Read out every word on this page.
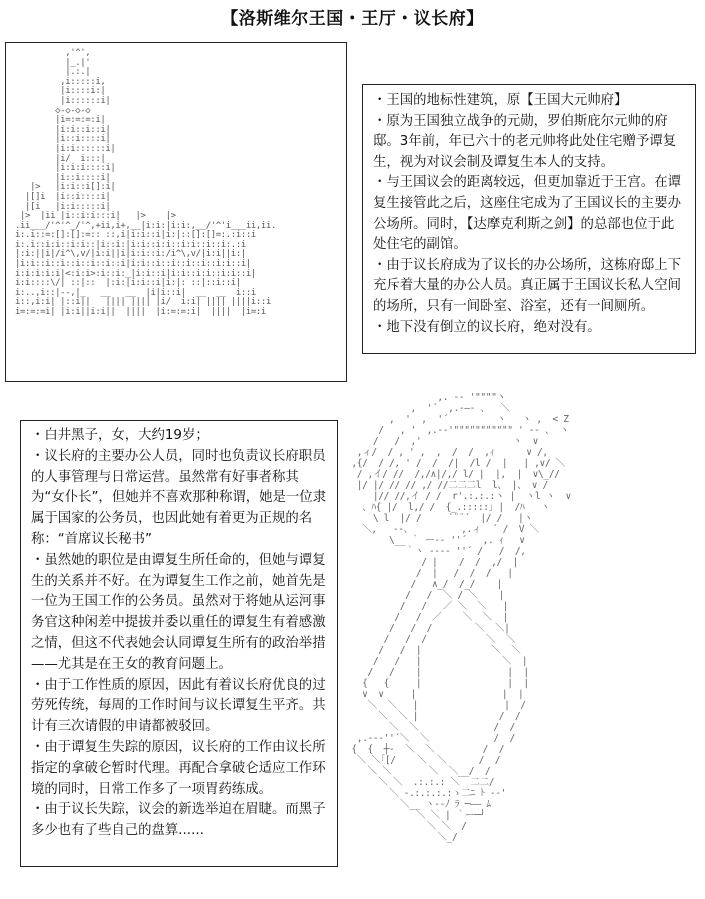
【洛斯维尔王国・王厅・议长府】
,'^',
|_.|'
|.:.|
,i:::::i,
|i::::i:|
|i::::::i|
◇-◇-◇-◇
|i=:=:=:i|
|i:i::i::i|
|i::i::::i|
|i:i::::::i|
|i/  i:::|
|i:i:i::::i|
|i::i::::i|
|>   |i:i::i[]:i|
|[]i  |i::i::::i|
|[i   |i:i:::::i|
|>  |ii |i::i:i:::i|   |>    |>
.ii___/'^'^_/'^,+ii,i+,__|i:i:|i:i:,__/'^'i___ii,ii.
i:.i::=:[]:[]:=:: ::,i|i:i::i|i:|::[]:[]=:.:i::i
i:.i::i:i::i:i::|i::i:|i:i::i:i::i:i::i::i:.:i
|:i:||i|/i^\,v/|i:i||i|i:i::i:/i^\,v/|i:i||i:|
|i:i::i::i::i::i::i::i|i:i::i::i::i::i::i:i::i|
i:i:i:i:i|<:i:i>:i::i:_|i:i::i|i:i::i:i::i:i::i|
i:i::::\/| ::|::  |:i:|i:i::i|i:|: ::|::i::i|
i:..,i::|--,|_   __   __  |i|i::i|  __  __  i::i
i::,i:i| |::i||   |||| |||| |i/  i:i| |||| ||||i::i
i=:=:=i| |i:i||i:i||  ||||  |i:=:=:i|  ||||  |i=:i

・王国的地标性建筑，原【王国大元帅府】

・原为王国独立战争的元勋，罗伯斯庇尔元帅的府邸。3年前，年已六十的老元帅将此处住宅赠予谭复生，视为对议会制及谭复生本人的支持。

・与王国议会的距离较远，但更加靠近于王宫。在谭复生接管此之后，这座住宅成为了王国议长的主要办公场所。同时，【达摩克利斯之剑】的总部也位于此处住宅的副馆。

・由于议长府成为了议长的办公场所，这栋府邸上下充斥着大量的办公人员。真正属于王国议长私人空间的场所，只有一间卧室、浴室，还有一间厕所。

・地下没有倒立的议长府，绝对没有。

・白井黑子，女，大约19岁；

・议长府的主要办公人员，同时也负责议长府职员的人事管理与日常运营。虽然常有好事者称其为“女仆长”，但她并不喜欢那种称谓，她是一位隶属于国家的公务员，也因此她有着更为正规的名称：“首席议长秘书”

・虽然她的职位是由谭复生所任命的，但她与谭复生的关系并不好。在为谭复生工作之前，她首先是一位为王国工作的公务员。虽然对于将她从运河事务官这种闲差中提拔并委以重任的谭复生有着感激之情，但这不代表她会认同谭复生所有的政治举措——尤其是在王女的教育问题上。

・由于工作性质的原因，因此有着议长府优良的过劳死传统，每周的工作时间与议长谭复生平齐。共计有三次请假的申请都被驳回。

・由于谭复生失踪的原因，议长府的工作由议长所指定的拿破仑暂时代理。再配合拿破仑适应工作环境的同时，日常工作多了一项胃药练成。

・由于议长失踪，议会的新选举迫在眉睫。而黑子多少也有了些自己的盘算......

,. -‐ '""""ヽ
,  '´  ,.-―- 、  ＼
,  '  ,  '´         ヽ   ヽ ,  < Z
/   , '  ,.-‐'""""""""""" ' ‐- 、 ヽ
/   /  ,'                 ヽ  ∨
,ィ/  / , ' ,  ,  /  /  ,ｨ      ∨ /,
,{/  / /, ' /  /  /|  /l /  |   | ,∨/ ＼
/ ,イ/ //  /,/∧|/,/ l/ |  |,  |  ∨\_//
|/ |/ // // ,/ //二二二l  l、 |、 ∨ /
|// //,イ / /  r'.:.:.:ヽ |  ヽl ヽ  ∨
、ﾊ{ |/  l,/ /  {_.:::::｣ |  /ﾊ   ヽ
\ l  |/ /     `¨¨´  |/ /   |ヽ
＼,   ‐-、         ,.ィ  ´ /  V ＼
\__ ｀ ー-‐ ''´   ,. ｨ   ∨
｀ヽ ‐--‐ ''´ /   /  /,
/ |    /  /  ,/  |
/  |   /  /  /   |
/   ∧_/  /_/    |
/   /  ＼ / ＼    |
/   /   ／ ＼  ＼   |
/   /  ／    ＼  ＼  |
/   /  /        ＼  ＼|
/   /  /           ＼  ＼
/   /  |             ＼  ＼
/   /   |               ＼  |
/   /    |                |  |
{   {     |                |  |
∨  ∨     |                |  |
＼  ＼   |                |  /
＼  ＼ |               /  /
＼  ＼              /  /
,.-‐‐''´＼  ＼            /  /
{  {  ┼-  ＼  ＼         /  /
＼ ＼｢[/    ＼  ＼      /  /
＼ ＼       ＼  ＼__/  /
＼ ＼  .:.:.: ＼  二二/
＼ -.:.:.:.:ゝ二ﾆ ﾄ --'
＼__ ヽ--ﾉ ﾗ ─―― ﾑ
＼ ＼ | ｀ー─┘
＼ ＼  /
＼_/
